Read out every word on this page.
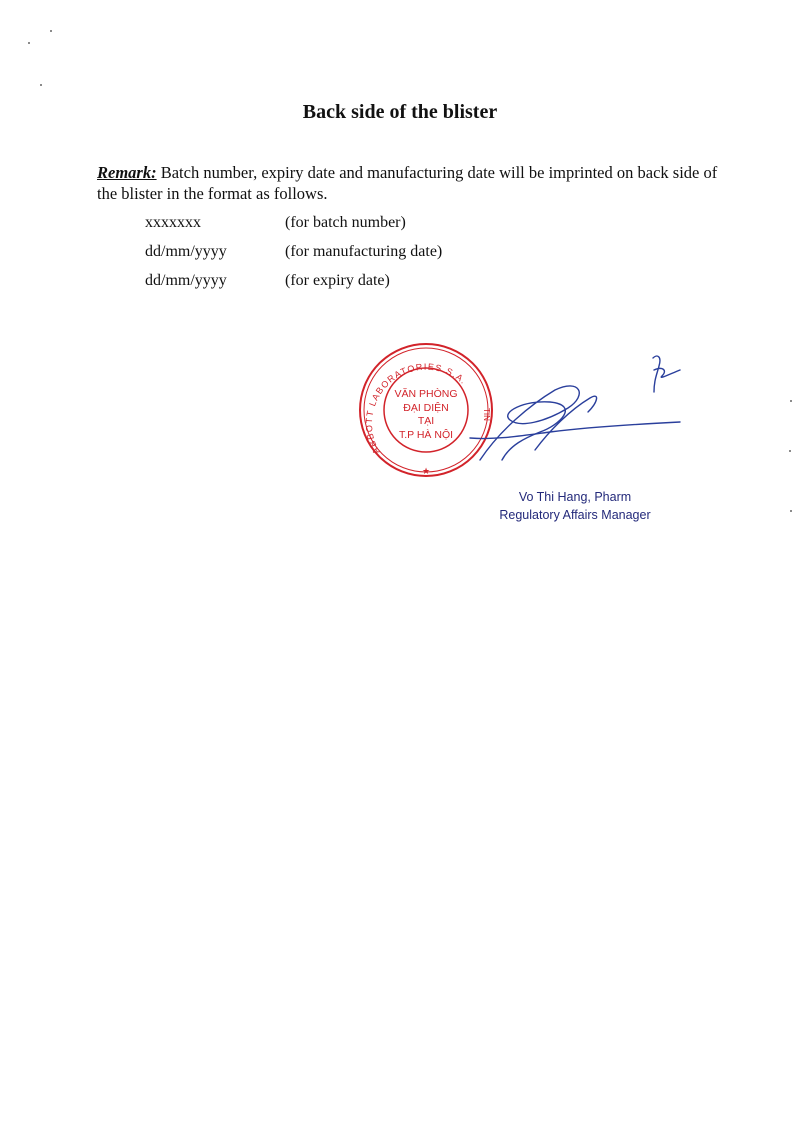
Back side of the blister
Remark: Batch number, expiry date and manufacturing date will be imprinted on back side of the blister in the format as follows.
xxxxxxx	(for batch number)
dd/mm/yyyy	(for manufacturing date)
dd/mm/yyyy	(for expiry date)
ABBOTT LABORATORIES S.A.
TIN
VĂN PHÒNG
ĐẠI DIỆN
TẠI
T.P HÀ NỘI
★
Vo Thi Hang, Pharm
Regulatory Affairs Manager
